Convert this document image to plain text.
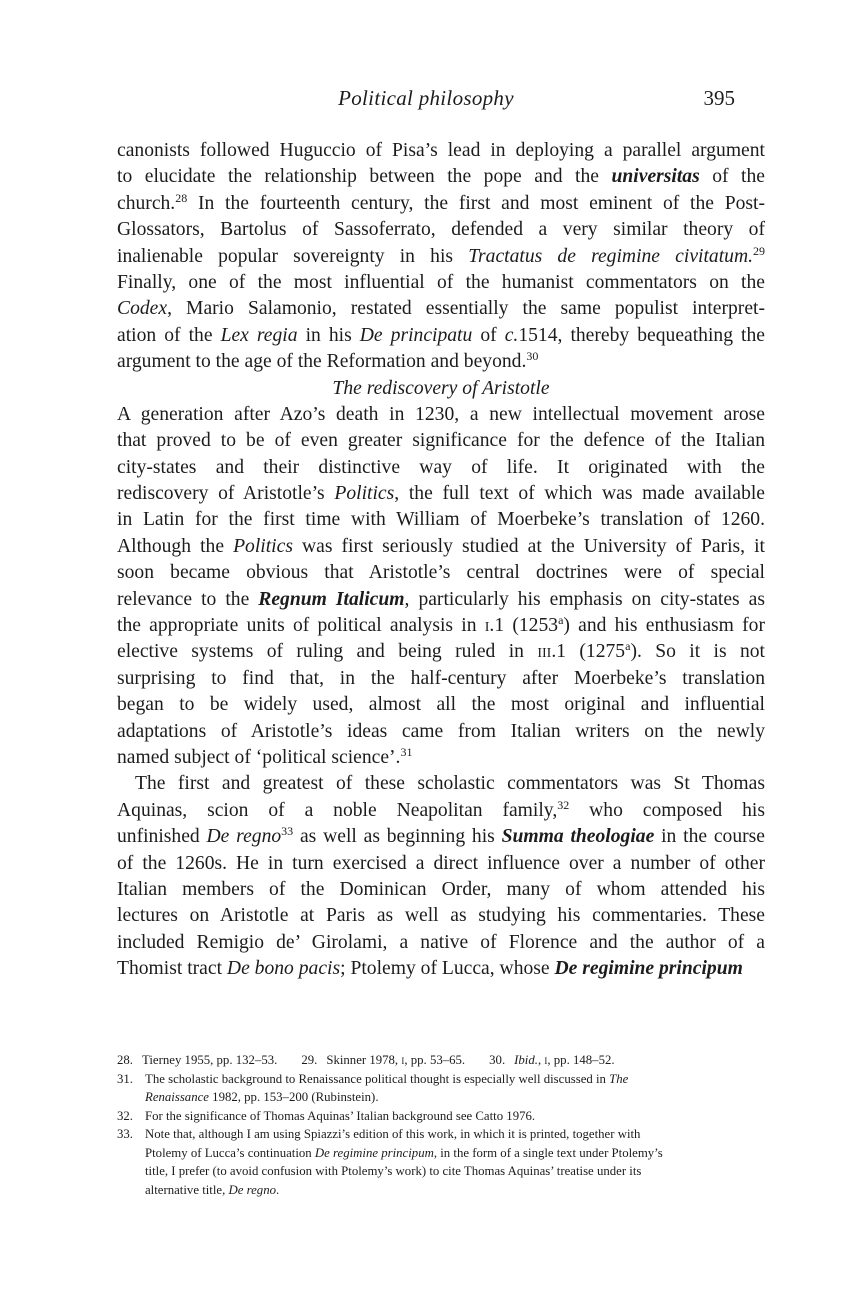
Political philosophy	395
canonists followed Huguccio of Pisa’s lead in deploying a parallel argument
to elucidate the relationship between the pope and the universitas of the
church.$^{28}$ In the fourteenth century, the first and most eminent of the Post-
Glossators, Bartolus of Sassoferrato, defended a very similar theory of
inalienable popular sovereignty in his Tractatus de regimine civitatum.$^{29}$
Finally, one of the most influential of the humanist commentators on the
Codex, Mario Salamonio, restated essentially the same populist interpret-
ation of the Lex regia in his De principatu of c.1514, thereby bequeathing the
argument to the age of the Reformation and beyond.$^{30}$
The rediscovery of Aristotle
A generation after Azo’s death in 1230, a new intellectual movement arose
that proved to be of even greater significance for the defence of the Italian
city-states and their distinctive way of life. It originated with the
rediscovery of Aristotle’s Politics, the full text of which was made available
in Latin for the first time with William of Moerbeke’s translation of 1260.
Although the Politics was first seriously studied at the University of Paris, it
soon became obvious that Aristotle’s central doctrines were of special
relevance to the Regnum Italicum, particularly his emphasis on city-states as
the appropriate units of political analysis in i.1 (1253$^a$) and his enthusiasm for
elective systems of ruling and being ruled in iii.1 (1275$^a$). So it is not
surprising to find that, in the half-century after Moerbeke’s translation
began to be widely used, almost all the most original and influential
adaptations of Aristotle’s ideas came from Italian writers on the newly
named subject of ‘political science’.$^{31}$
The first and greatest of these scholastic commentators was St Thomas
Aquinas, scion of a noble Neapolitan family,$^{32}$ who composed his
unfinished De regno$^{33}$ as well as beginning his Summa theologiae in the course
of the 1260s. He in turn exercised a direct influence over a number of other
Italian members of the Dominican Order, many of whom attended his
lectures on Aristotle at Paris as well as studying his commentaries. These
included Remigio de’ Girolami, a native of Florence and the author of a
Thomist tract De bono pacis; Ptolemy of Lucca, whose De regimine principum
28. Tierney 1955, pp. 132–53. 29. Skinner 1978, i, pp. 53–65. 30. Ibid., i, pp. 148–52.
31. The scholastic background to Renaissance political thought is especially well discussed in The
Renaissance 1982, pp. 153–200 (Rubinstein).
32. For the significance of Thomas Aquinas’ Italian background see Catto 1976.
33. Note that, although I am using Spiazzi’s edition of this work, in which it is printed, together with
Ptolemy of Lucca’s continuation De regimine principum, in the form of a single text under Ptolemy’s
title, I prefer (to avoid confusion with Ptolemy’s work) to cite Thomas Aquinas’ treatise under its
alternative title, De regno.
